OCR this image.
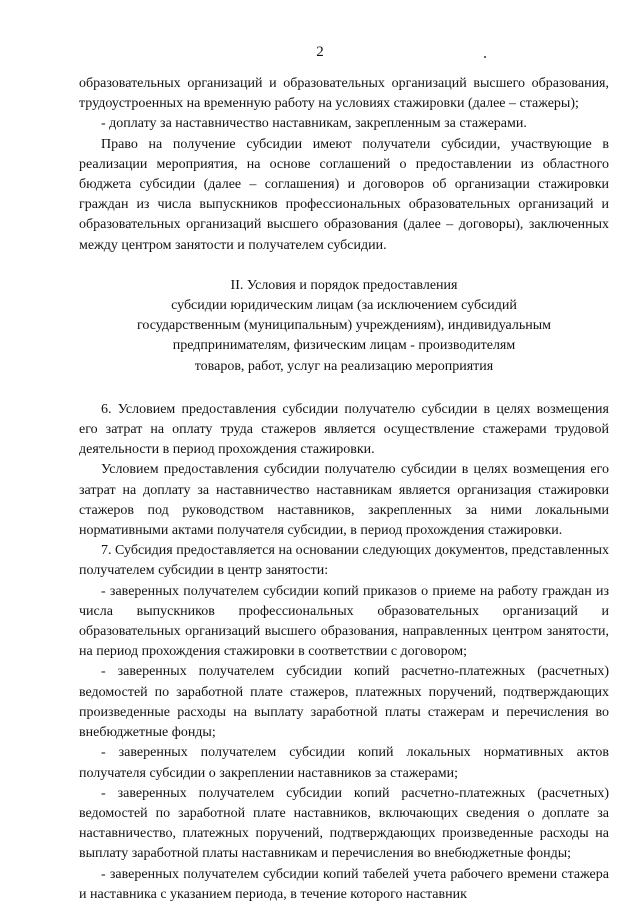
2

образовательных организаций и образовательных организаций высшего образования, трудоустроенных на временную работу на условиях стажировки (далее – стажеры);

- доплату за наставничество наставникам, закрепленным за стажерами.

Право на получение субсидии имеют получатели субсидии, участвующие в реализации мероприятия, на основе соглашений о предоставлении из областного бюджета субсидии (далее – соглашения) и договоров об организации стажировки граждан из числа выпускников профессиональных образовательных организаций и образовательных организаций высшего образования (далее – договоры), заключенных между центром занятости и получателем субсидии.

II. Условия и порядок предоставления
субсидии юридическим лицам (за исключением субсидий
государственным (муниципальным) учреждениям), индивидуальным
предпринимателям, физическим лицам - производителям
товаров, работ, услуг на реализацию мероприятия

6. Условием предоставления субсидии получателю субсидии в целях возмещения его затрат на оплату труда стажеров является осуществление стажерами трудовой деятельности в период прохождения стажировки.

Условием предоставления субсидии получателю субсидии в целях возмещения его затрат на доплату за наставничество наставникам является организация стажировки стажеров под руководством наставников, закрепленных за ними локальными нормативными актами получателя субсидии, в период прохождения стажировки.

7. Субсидия предоставляется на основании следующих документов, представленных получателем субсидии в центр занятости:

- заверенных получателем субсидии копий приказов о приеме на работу граждан из числа выпускников профессиональных образовательных организаций и образовательных организаций высшего образования, направленных центром занятости, на период прохождения стажировки в соответствии с договором;

- заверенных получателем субсидии копий расчетно-платежных (расчетных) ведомостей по заработной плате стажеров, платежных поручений, подтверждающих произведенные расходы на выплату заработной платы стажерам и перечисления во внебюджетные фонды;

- заверенных получателем субсидии копий локальных нормативных актов получателя субсидии о закреплении наставников за стажерами;

- заверенных получателем субсидии копий расчетно-платежных (расчетных) ведомостей по заработной плате наставников, включающих сведения о доплате за наставничество, платежных поручений, подтверждающих произведенные расходы на выплату заработной платы наставникам и перечисления во внебюджетные фонды;

- заверенных получателем субсидии копий табелей учета рабочего времени стажера и наставника с указанием периода, в течение которого наставник
